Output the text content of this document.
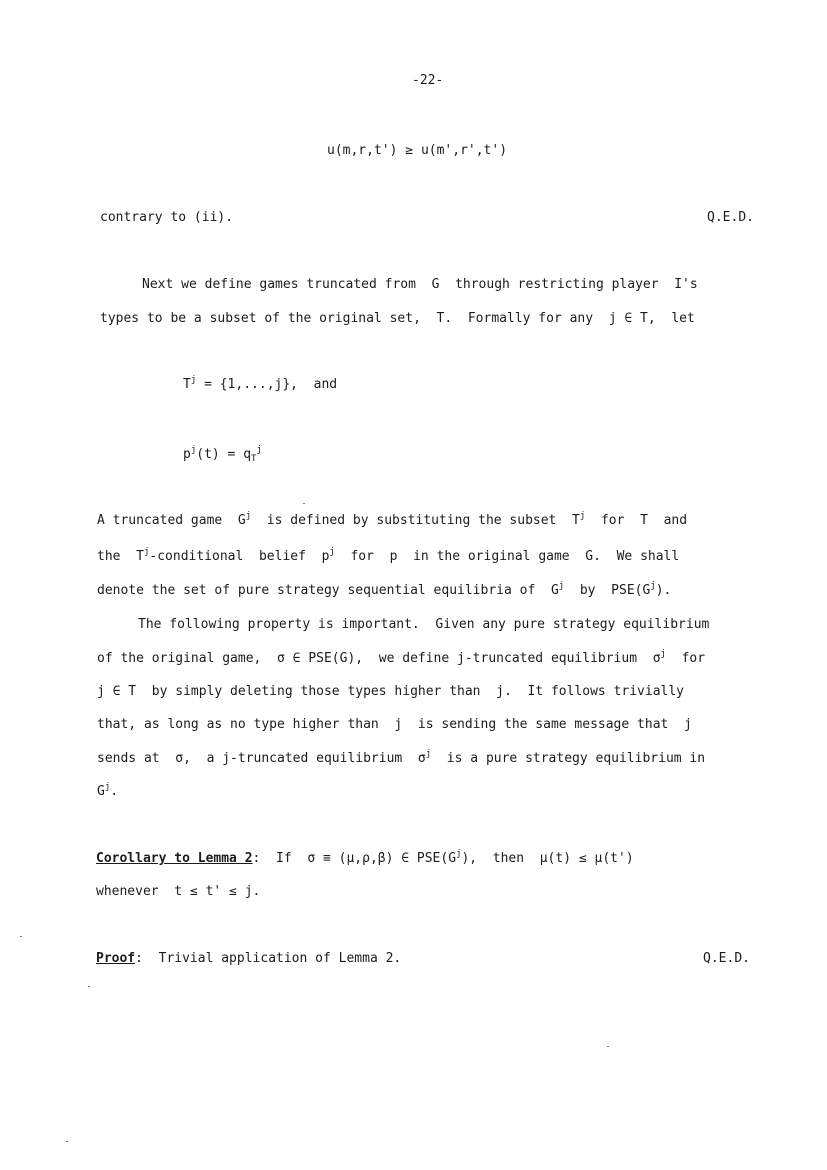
-22-
u(m,r,t') ≥ u(m',r',t')
contrary to (ii).	Q.E.D.
Next we define games truncated from  G  through restricting player  I's
types to be a subset of the original set,  T.  Formally for any  j ∈ T,  let
$T^j = \{1,...,j\}$,  and
$p^j(t) = q_T^j$
A truncated game  $G^j$  is defined by substituting the subset  $T^j$  for  T  and
the  $T^j$-conditional  belief  $p^j$  for  p  in the original game  G.  We shall
denote the set of pure strategy sequential equilibria of  $G^j$  by  $PSE(G^j)$.
The following property is important.  Given any pure strategy equilibrium
of the original game,  σ ∈ PSE(G),  we define j-truncated equilibrium  $\sigma^j$  for
j ∈ T  by simply deleting those types higher than  j.  It follows trivially
that, as long as no type higher than  j  is sending the same message that  j
sends at  σ,  a j-truncated equilibrium  $\sigma^j$  is a pure strategy equilibrium in
$G^j$.
Corollary to Lemma 2:  If  σ ≡ (μ,ρ,β) ∈ $PSE(G^j)$,  then  μ(t) ≤ μ(t')
whenever  t ≤ t' ≤ j.
Proof:  Trivial application of Lemma 2.	Q.E.D.
